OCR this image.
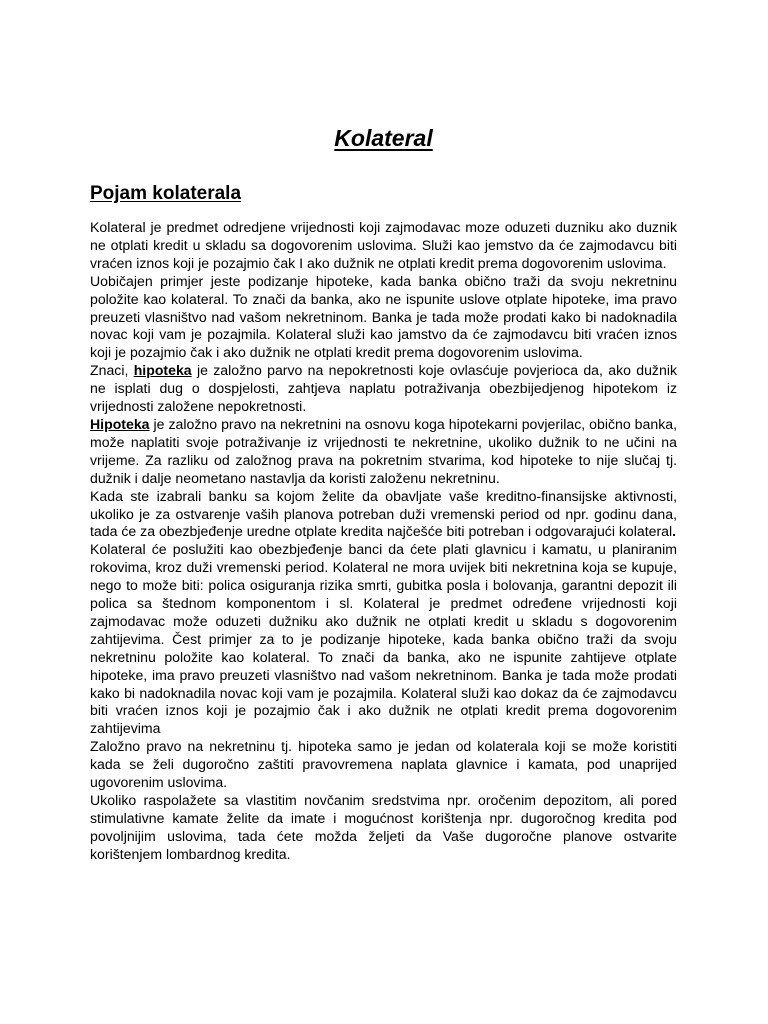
Kolateral
Pojam kolaterala

Kolateral je predmet odredjene vrijednosti koji zajmodavac moze oduzeti duzniku ako duznik ne otplati kredit u skladu sa dogovorenim uslovima. Služi kao jemstvo da će zajmodavcu biti vraćen iznos koji je pozajmio čak I ako dužnik ne otplati kredit prema dogovorenim uslovima.

Uobičajen primjer jeste podizanje hipoteke, kada banka obično traži da svoju nekretninu položite kao kolateral. To znači da banka, ako ne ispunite uslove otplate hipoteke, ima pravo preuzeti vlasništvo nad vašom nekretninom. Banka je tada može prodati kako bi nadoknadila novac koji vam je pozajmila. Kolateral služi kao jamstvo da će zajmodavcu biti vraćen iznos koji je pozajmio čak i ako dužnik ne otplati kredit prema dogovorenim uslovima.

Znaci, hipoteka je založno parvo na nepokretnosti koje ovlasćuje povjerioca da, ako dužnik ne isplati dug o dospjelosti, zahtjeva naplatu potraživanja obezbijedjenog hipotekom iz vrijednosti založene nepokretnosti.

Hipoteka je založno pravo na nekretnini na osnovu koga hipotekarni povjerilac, obično banka, može naplatiti svoje potraživanje iz vrijednosti te nekretnine, ukoliko dužnik to ne učini na vrijeme. Za razliku od založnog prava na pokretnim stvarima, kod hipoteke to nije slučaj tj. dužnik i dalje neometano nastavlja da koristi založenu nekretninu.

Kada ste izabrali banku sa kojom želite da obavljate vaše kreditno-finansijske aktivnosti, ukoliko je za ostvarenje vaših planova potreban duži vremenski period od npr. godinu dana, tada će za obezbjeđenje uredne otplate kredita najčešće biti potreban i odgovarajući kolateral.

Kolateral će poslužiti kao obezbjeđenje banci da ćete plati glavnicu i kamatu, u planiranim rokovima, kroz duži vremenski period. Kolateral ne mora uvijek biti nekretnina koja se kupuje, nego to može biti: polica osiguranja rizika smrti, gubitka posla i bolovanja, garantni depozit ili polica sa štednom komponentom i sl. Kolateral je predmet određene vrijednosti koji zajmodavac može oduzeti dužniku ako dužnik ne otplati kredit u skladu s dogovorenim zahtijevima. Čest primjer za to je podizanje hipoteke, kada banka obično traži da svoju nekretninu položite kao kolateral. To znači da banka, ako ne ispunite zahtijeve otplate hipoteke, ima pravo preuzeti vlasništvo nad vašom nekretninom. Banka je tada može prodati kako bi nadoknadila novac koji vam je pozajmila. Kolateral služi kao dokaz da će zajmodavcu biti vraćen iznos koji je pozajmio čak i ako dužnik ne otplati kredit prema dogovorenim zahtijevima

Založno pravo na nekretninu tj. hipoteka samo je jedan od kolaterala koji se može koristiti kada se želi dugoročno zaštiti pravovremena naplata glavnice i kamata, pod unaprijed ugovorenim uslovima.

Ukoliko raspolažete sa vlastitim novčanim sredstvima npr. oročenim depozitom, ali pored stimulativne kamate želite da imate i mogućnost korištenja npr. dugoročnog kredita pod povoljnijim uslovima, tada ćete možda željeti da Vaše dugoročne planove ostvarite korištenjem lombardnog kredita.
